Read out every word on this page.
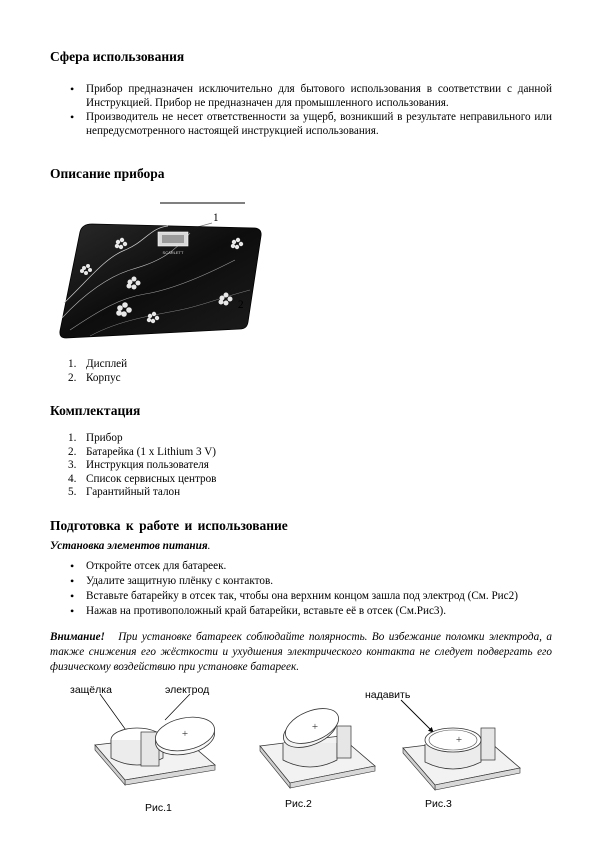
Сфера использования
• Прибор предназначен исключительно для бытового использования в соответствии с данной Инструкцией. Прибор не предназначен для промышленного использования.
• Производитель не несет ответственности за ущерб, возникший в результате неправильного или непредусмотренного настоящей инструкцией использования.
Описание прибора
SCARLETT
1
2
1. Дисплей
2. Корпус
Комплектация
1. Прибор
2. Батарейка (1 x Lithium 3 V)
3. Инструкция пользователя
4. Список сервисных центров
5. Гарантийный талон
Подготовка к работе и использование
Установка элементов питания.
• Откройте отсек для батареек.
• Удалите защитную плёнку с контактов.
• Вставьте батарейку в отсек так, чтобы она верхним концом зашла под электрод (См. Рис2)
• Нажав на противоположный край батарейки, вставьте её в отсек (См.Рис3).
Внимание! При установке батареек соблюдайте полярность. Во избежание поломки электрода, а также снижения его жёсткости и ухудшения электрического контакта не следует подвергать его физическому воздействию при установке батареек.
защёлка	электрод	надавить
+
Рис.1
+
Рис.2
+
Рис.3
